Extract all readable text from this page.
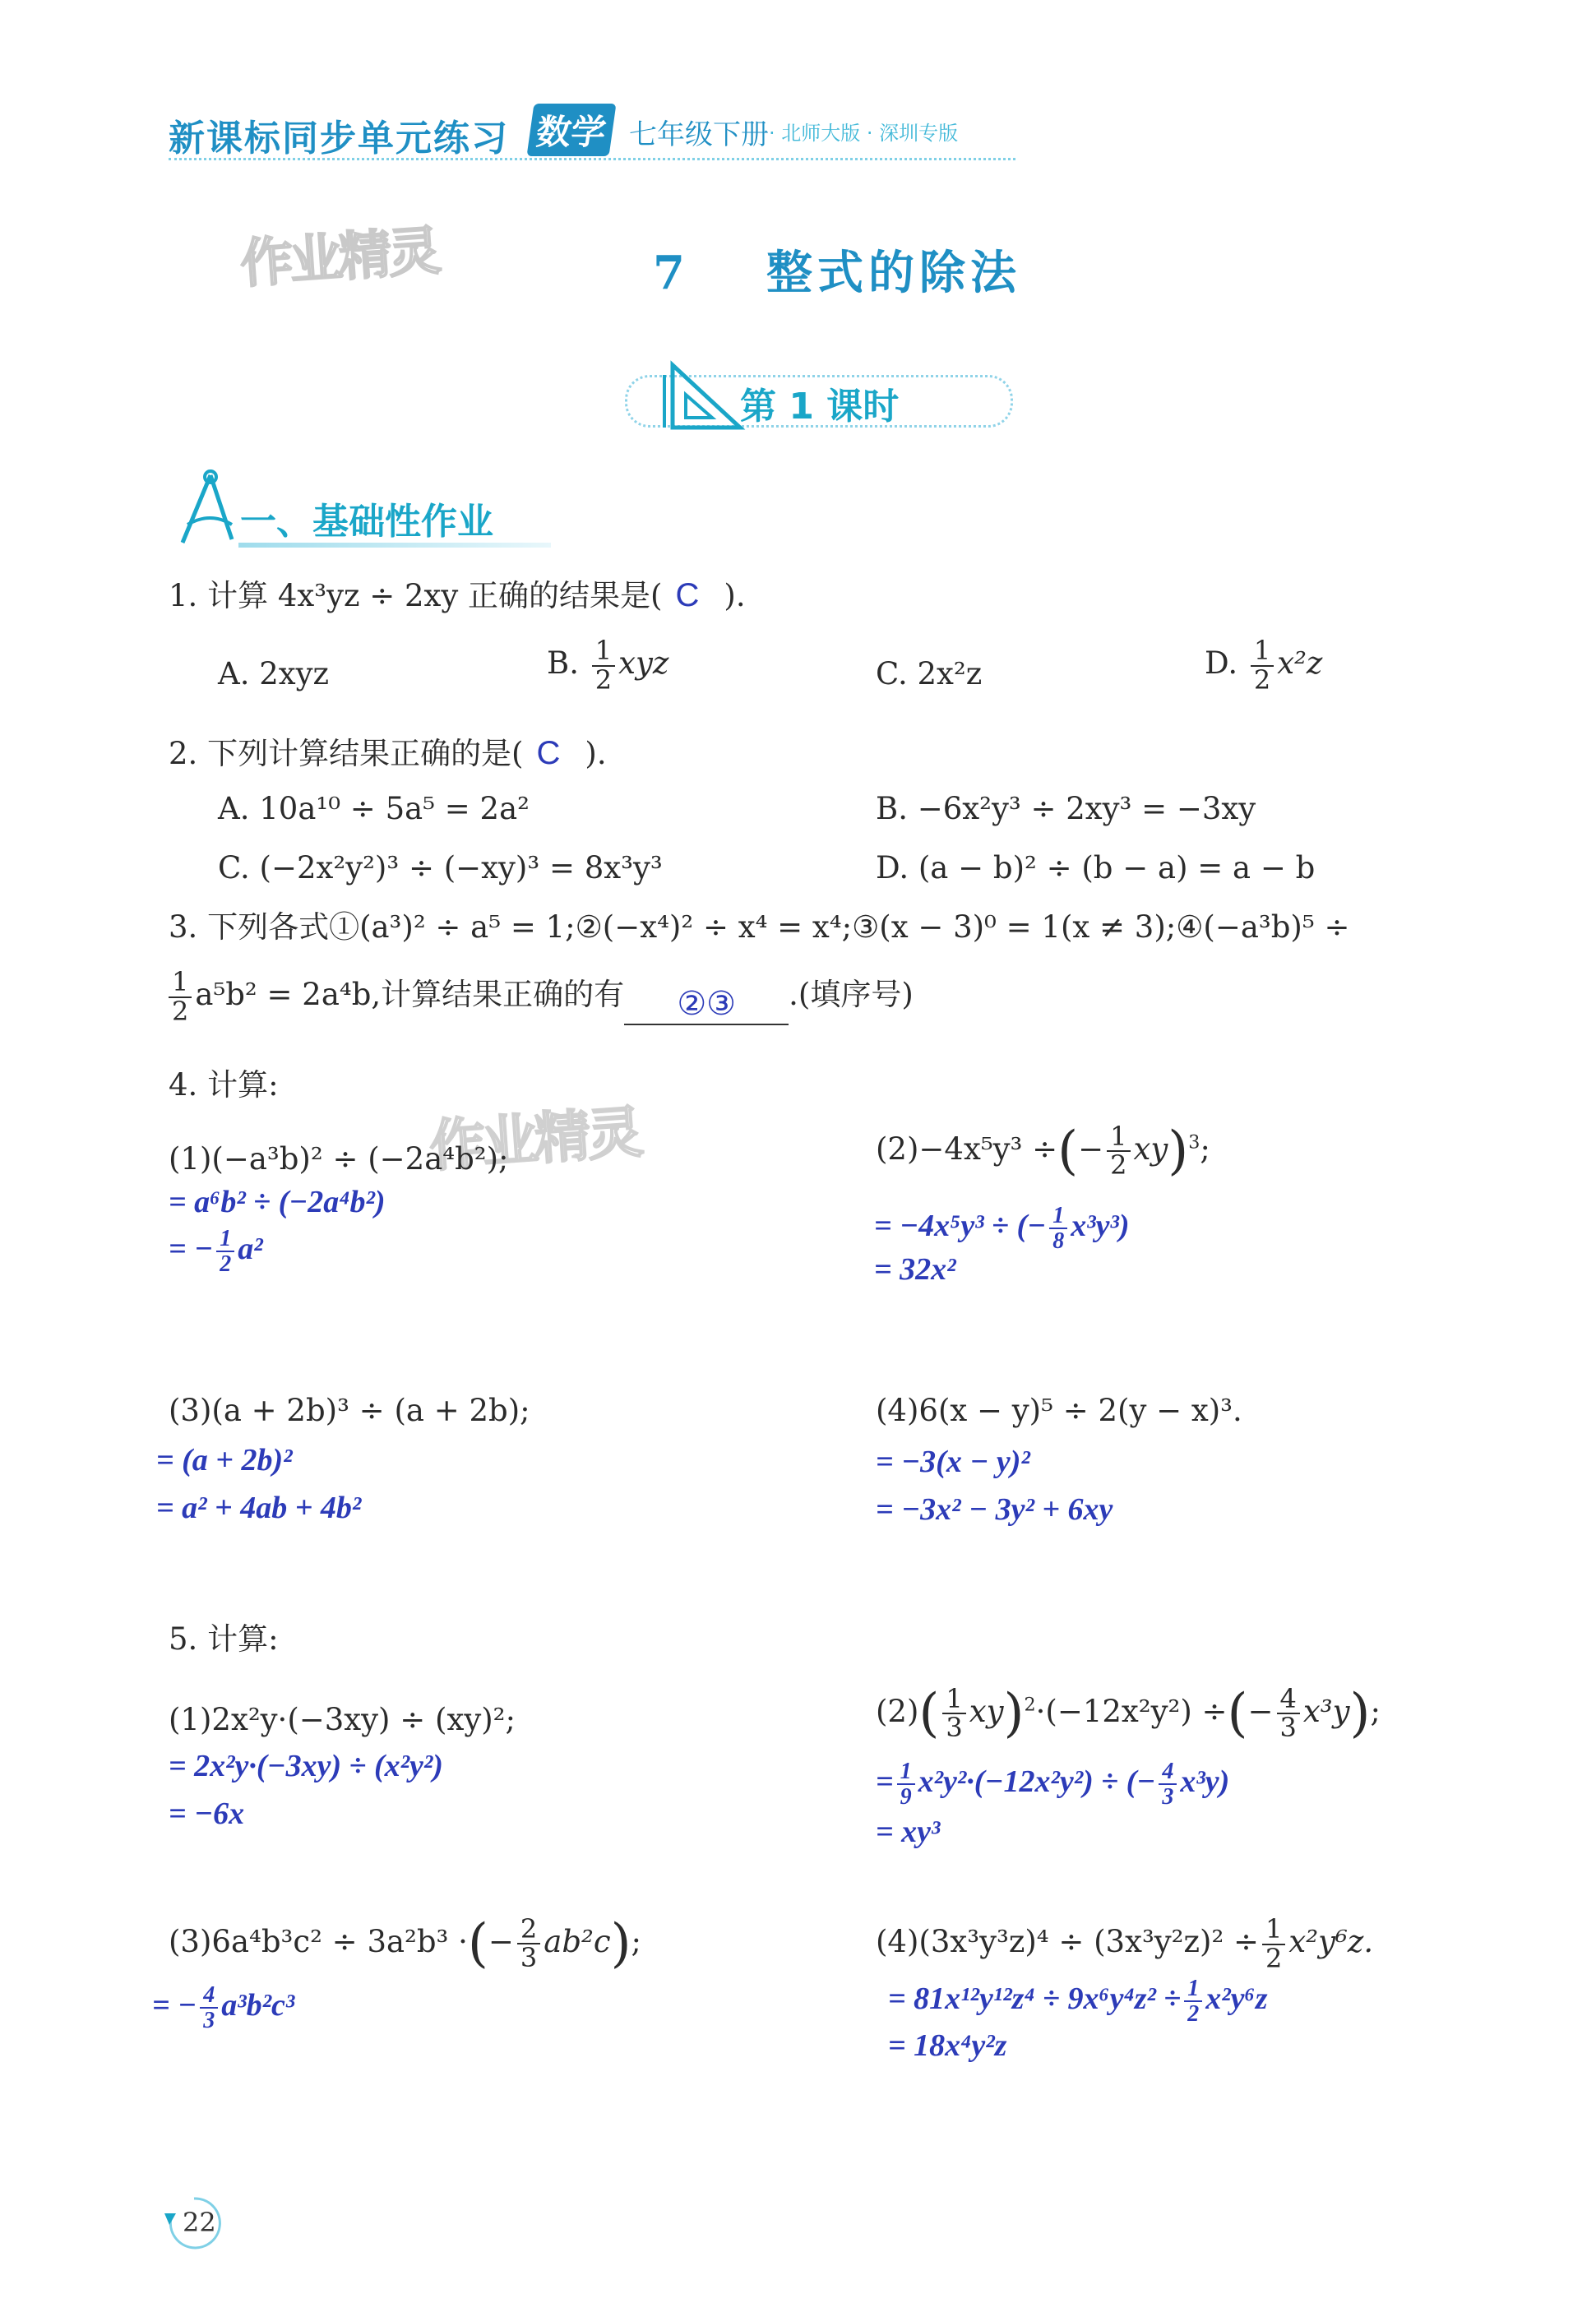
新课标同步单元练习 数学 七年级下册 · 北师大版 · 深圳专版
作业精灵
作业精灵
7 整式的除法
第 1 课时
一、基础性作业
1. 计算 4x³yz ÷ 2xy 正确的结果是( C ).
A. 2xyz	B. $\frac{1}{2}$ xyz	C. 2x²z	D. $\frac{1}{2} x^2z$
2. 下列计算结果正确的是( C ).
A. 10a¹⁰ ÷ 5a⁵ = 2a²	B. −6x²y³ ÷ 2xy³ = −3xy
C. (−2x²y²)³ ÷ (−xy)³ = 8x³y³	D. (a − b)² ÷ (b − a) = a − b
3. 下列各式①(a³)² ÷ a⁵ = 1;②(−x⁴)² ÷ x⁴ = x⁴;③(x − 3)⁰ = 1(x ≠ 3);④(−a³b)⁵ ÷
$\frac{1}{2} a^5b^2 = 2a^4b$,计算结果正确的有 ②③ .(填序号)
4. 计算:
(1)(−a³b)² ÷ (−2a⁴b²);
= a⁶b² ÷ (−2a⁴b²)
= − $\frac{1}{2} a^2$
(2)−4x⁵y³ ÷(− $\frac{1}{2} xy)^3$;
= −4x⁵y³ ÷ (− $\frac{1}{8} x^3y^3$)
= 32x²
(3)(a + 2b)³ ÷ (a + 2b);
= (a + 2b)²
= a² + 4ab + 4b²
(4)6(x − y)⁵ ÷ 2(y − x)³.
= −3(x − y)²
= −3x² − 3y² + 6xy
5. 计算:
(1)2x²y·(−3xy) ÷ (xy)²;
= 2x²y·(−3xy) ÷ (x²y²)
= −6x
$(2)( \frac{1}{3} xy)^2\cdot(-12x^2y^2)$ ÷(− $\frac{4}{3} x^3y$);
= $\frac{1}{9} x^2y^2\cdot(-12x^2y^2)$ ÷ (− $\frac{4}{3} x^3y$)
= xy³
(3)6a⁴b³c² ÷ 3a²b³ ·(− $\frac{2}{3} ab^2c$);
= − $\frac{4}{3} a^3b^2c^3$
$(4)(3x^3y^3z)^4 \div (3x^3y^2z)^2 \div \frac{1}{2} x^2y^6z$.
= $81x^{12}y^{12}z^4 \div 9x^6y^4z^2 \div \frac{1}{2} x^2y^6z$
= 18x⁴y²z
22
